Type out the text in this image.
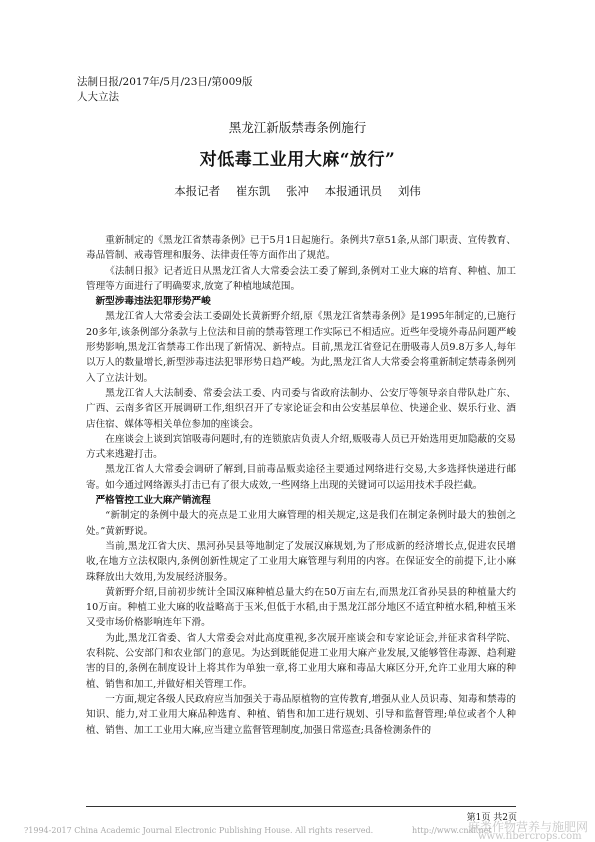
法制日报/2017年/5月/23日/第009版
人大立法
黑龙江新版禁毒条例施行
对低毒工业用大麻“放行”
本报记者 崔东凯 张冲 本报通讯员 刘伟

重新制定的《黑龙江省禁毒条例》已于5月1日起施行。条例共7章51条,从部门职责、宣传教育、毒品管制、戒毒管理和服务、法律责任等方面作出了规范。

《法制日报》记者近日从黑龙江省人大常委会法工委了解到,条例对工业大麻的培育、种植、加工管理等方面进行了明确要求,放宽了种植地域范围。

新型涉毒违法犯罪形势严峻

黑龙江省人大常委会法工委副处长黄新野介绍,原《黑龙江省禁毒条例》是1995年制定的,已施行20多年,该条例部分条款与上位法和目前的禁毒管理工作实际已不相适应。近些年受境外毒品问题严峻形势影响,黑龙江省禁毒工作出现了新情况、新特点。目前,黑龙江省登记在册吸毒人员9.8万多人,每年以万人的数量增长,新型涉毒违法犯罪形势日趋严峻。为此,黑龙江省人大常委会将重新制定禁毒条例列入了立法计划。

黑龙江省人大法制委、常委会法工委、内司委与省政府法制办、公安厅等领导亲自带队赴广东、广西、云南多省区开展调研工作,组织召开了专家论证会和由公安基层单位、快递企业、娱乐行业、酒店住宿、媒体等相关单位参加的座谈会。

在座谈会上谈到宾馆吸毒问题时,有的连锁旅店负责人介绍,贩吸毒人员已开始选用更加隐蔽的交易方式来逃避打击。

黑龙江省人大常委会调研了解到,目前毒品贩卖途径主要通过网络进行交易,大多选择快递进行邮寄。如今通过网络源头打击已有了很大成效,一些网络上出现的关键词可以运用技术手段拦截。

严格管控工业大麻产销流程

“新制定的条例中最大的亮点是工业用大麻管理的相关规定,这是我们在制定条例时最大的独创之处。”黄新野说。

当前,黑龙江省大庆、黑河孙吴县等地制定了发展汉麻规划,为了形成新的经济增长点,促进农民增收,在地方立法权限内,条例创新性规定了工业用大麻管理与利用的内容。在保证安全的前提下,让小麻珠释放出大效用,为发展经济服务。

黄新野介绍,目前初步统计全国汉麻种植总量大约在50万亩左右,而黑龙江省孙吴县的种植量大约10万亩。种植工业大麻的收益略高于玉米,但低于水稻,由于黑龙江部分地区不适宜种植水稻,种植玉米又受市场价格影响连年下滑。

为此,黑龙江省委、省人大常委会对此高度重视,多次展开座谈会和专家论证会,并征求省科学院、农科院、公安部门和农业部门的意见。为达到既能促进工业用大麻产业发展,又能够管住毒源、趋利避害的目的,条例在制度设计上将其作为单独一章,将工业用大麻和毒品大麻区分开,允许工业用大麻的种植、销售和加工,并做好相关管理工作。

一方面,规定各级人民政府应当加强关于毒品原植物的宣传教育,增强从业人员识毒、知毒和禁毒的知识、能力,对工业用大麻品种选育、种植、销售和加工进行规划、引导和监督管理;单位或者个人种植、销售、加工工业用大麻,应当建立监督管理制度,加强日常巡查;具备检测条件的

第1页 共2页
?1994-2017 China Academic Journal Electronic Publishing House. All rights reserved.	http://www.cnki.net
麻类作物营养与施肥网
www.fibercrops.com
